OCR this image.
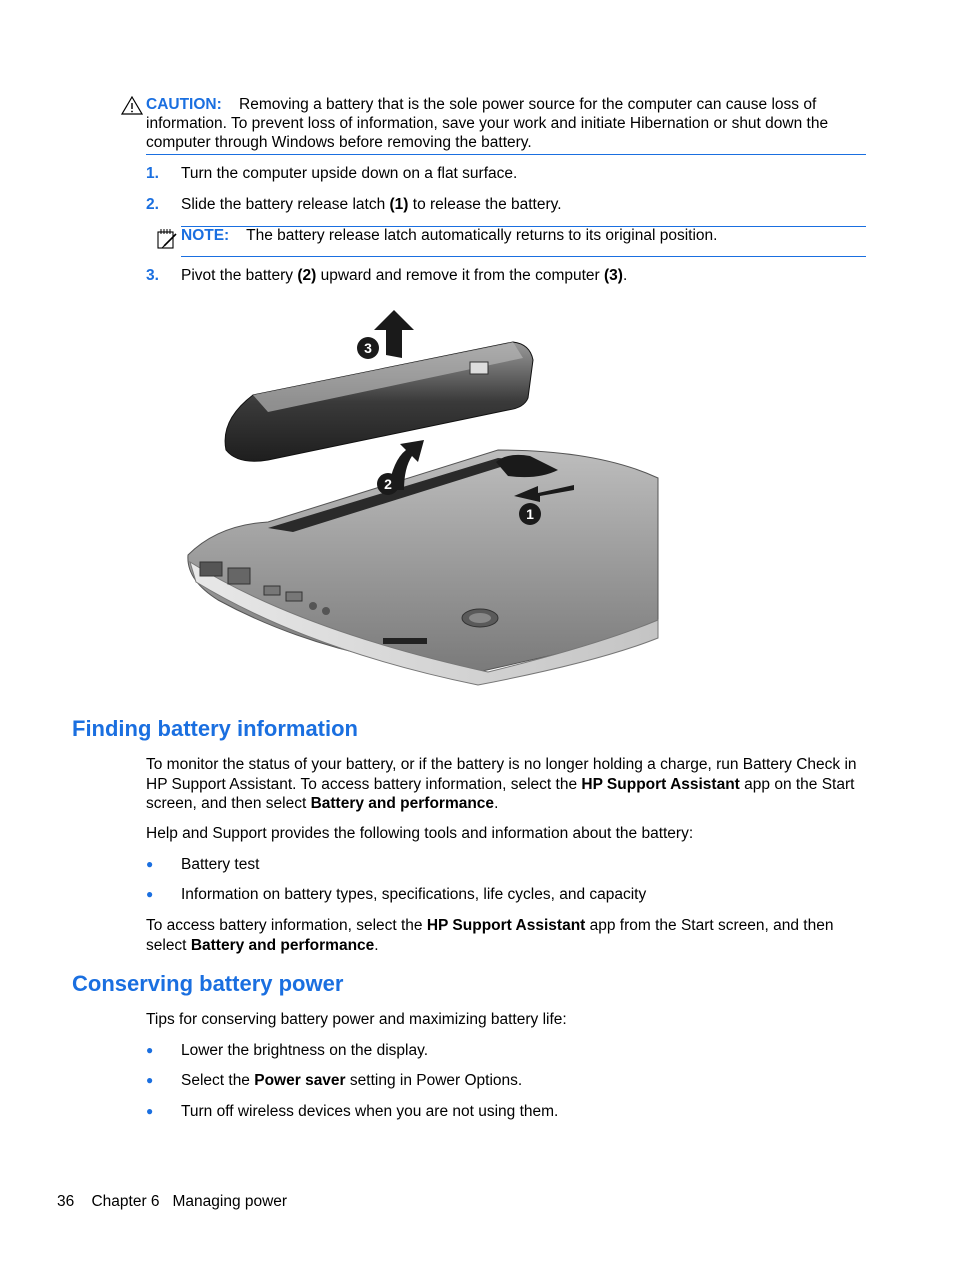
CAUTION: Removing a battery that is the sole power source for the computer can cause loss of information. To prevent loss of information, save your work and initiate Hibernation or shut down the computer through Windows before removing the battery.
1. Turn the computer upside down on a flat surface.
2. Slide the battery release latch (1) to release the battery.
NOTE: The battery release latch automatically returns to its original position.
3. Pivot the battery (2) upward and remove it from the computer (3).
3
2
1
Finding battery information
To monitor the status of your battery, or if the battery is no longer holding a charge, run Battery Check in HP Support Assistant. To access battery information, select the HP Support Assistant app on the Start screen, and then select Battery and performance.
Help and Support provides the following tools and information about the battery:
● Battery test
● Information on battery types, specifications, life cycles, and capacity
To access battery information, select the HP Support Assistant app from the Start screen, and then select Battery and performance.
Conserving battery power
Tips for conserving battery power and maximizing battery life:
● Lower the brightness on the display.
● Select the Power saver setting in Power Options.
● Turn off wireless devices when you are not using them.
36 Chapter 6 Managing power
